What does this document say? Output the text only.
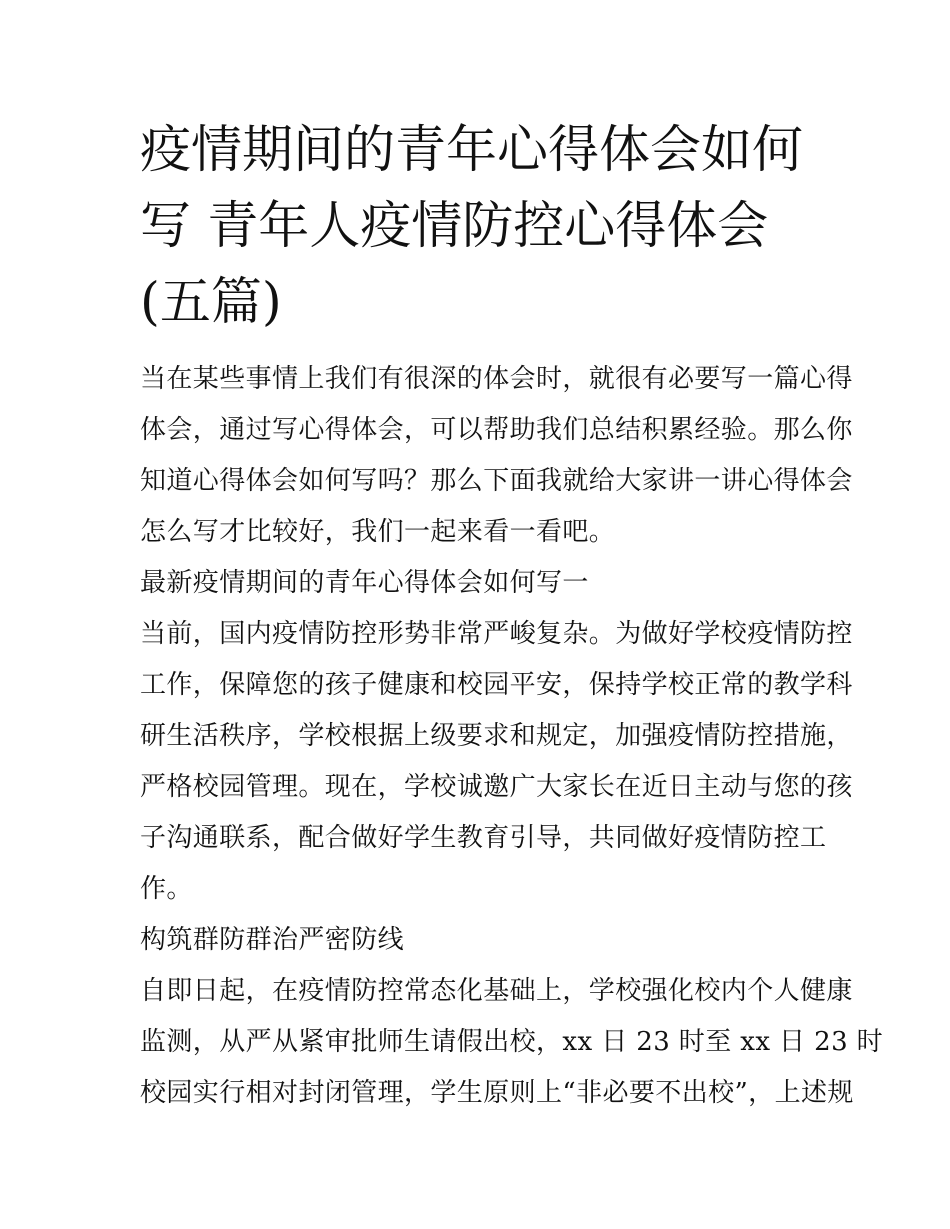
疫情期间的青年心得体会如何
写 青年人疫情防控心得体会
(五篇)
当在某些事情上我们有很深的体会时，就很有必要写一篇心得
体会，通过写心得体会，可以帮助我们总结积累经验。那么你
知道心得体会如何写吗？那么下面我就给大家讲一讲心得体会
怎么写才比较好，我们一起来看一看吧。
最新疫情期间的青年心得体会如何写一
当前，国内疫情防控形势非常严峻复杂。为做好学校疫情防控
工作，保障您的孩子健康和校园平安，保持学校正常的教学科
研生活秩序，学校根据上级要求和规定，加强疫情防控措施，
严格校园管理。现在，学校诚邀广大家长在近日主动与您的孩
子沟通联系，配合做好学生教育引导，共同做好疫情防控工
作。
构筑群防群治严密防线
自即日起，在疫情防控常态化基础上，学校强化校内个人健康
监测，从严从紧审批师生请假出校，xx 日 23 时至 xx 日 23 时
校园实行相对封闭管理，学生原则上“非必要不出校”，上述规
